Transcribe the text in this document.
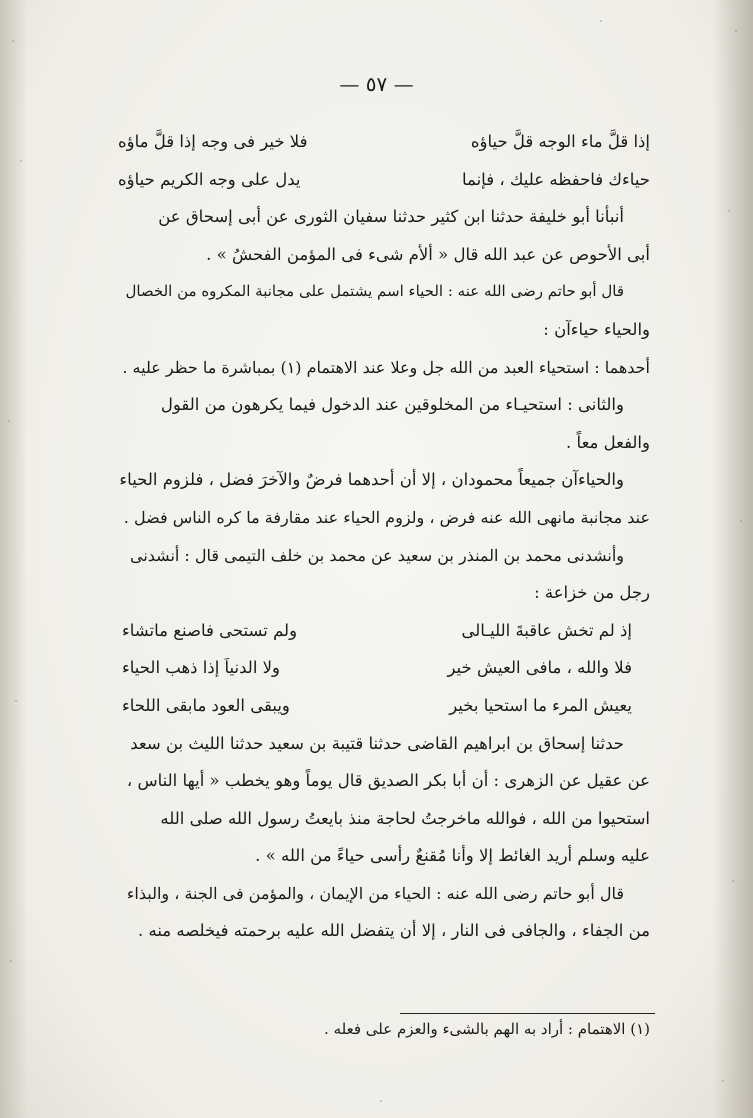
— ٥٧ —
إذا قلَّ ماء الوجه قلَّ حياؤه
فلا خير فى وجه إذا قلَّ ماؤه
حياءك فاحفظه عليك ، فإنما
يدل على وجه الكريم حياؤه
أنبأنا أبو خليفة حدثنا ابن كثير حدثنا سفيان الثورى عن أبى إسحاق عن
أبى الأحوص عن عبد الله قال « ألأم شىء فى المؤمن الفحشُ » .
قال أبو حاتم رضى الله عنه : الحياء اسم يشتمل على مجانبة المكروه من الخصال
والحياء حياءآن :
أحدهما : استحياء العبد من الله جل وعلا عند الاهتمام (١) بمباشرة ما حظر عليه .
والثانى : استحيـاء من المخلوقين عند الدخول فيما يكرهون من القول
والفعل معاً .
والحياءآن جميعاً محمودان ، إلا أن أحدهما فرضٌ والآخرَ فضل ، فلزوم الحياء
عند مجانبة مانهى الله عنه فرض ، ولزوم الحياء عند مقارفة ما كره الناس فضل .
وأنشدنى محمد بن المنذر بن سعيد عن محمد بن خلف التيمى قال : أنشدنى
رجل من خزاعة :
إذ لم تخش عاقبةَ الليـالى
ولم تستحى فاصنع ماتشاء
فلا والله ، مافى العيش خير
ولا الدنياَ إذا ذهب الحياء
يعيش المرء ما استحيا بخير
ويبقى العود مابقى اللحاء
حدثنا إسحاق بن ابراهيم القاضى حدثنا قتيبة بن سعيد حدثنا الليث بن سعد
عن عقيل عن الزهرى : أن أبا بكر الصديق قال يوماً وهو يخطب « أيها الناس ،
استحيوا من الله ، فوالله ماخرجتُ لحاجة منذ بايعتُ رسول الله صلى الله
عليه وسلم أريد الغائط إلا وأنا مُقنعٌ رأسى حياءً من الله » .
قال أبو حاتم رضى الله عنه : الحياء من الإيمان ، والمؤمن فى الجنة ، والبذاء
من الجفاء ، والجافى فى النار ، إلا أن يتفضل الله عليه برحمته فيخلصه منه .
(١) الاهتمام : أراد به الهم بالشىء والعزم على فعله .
